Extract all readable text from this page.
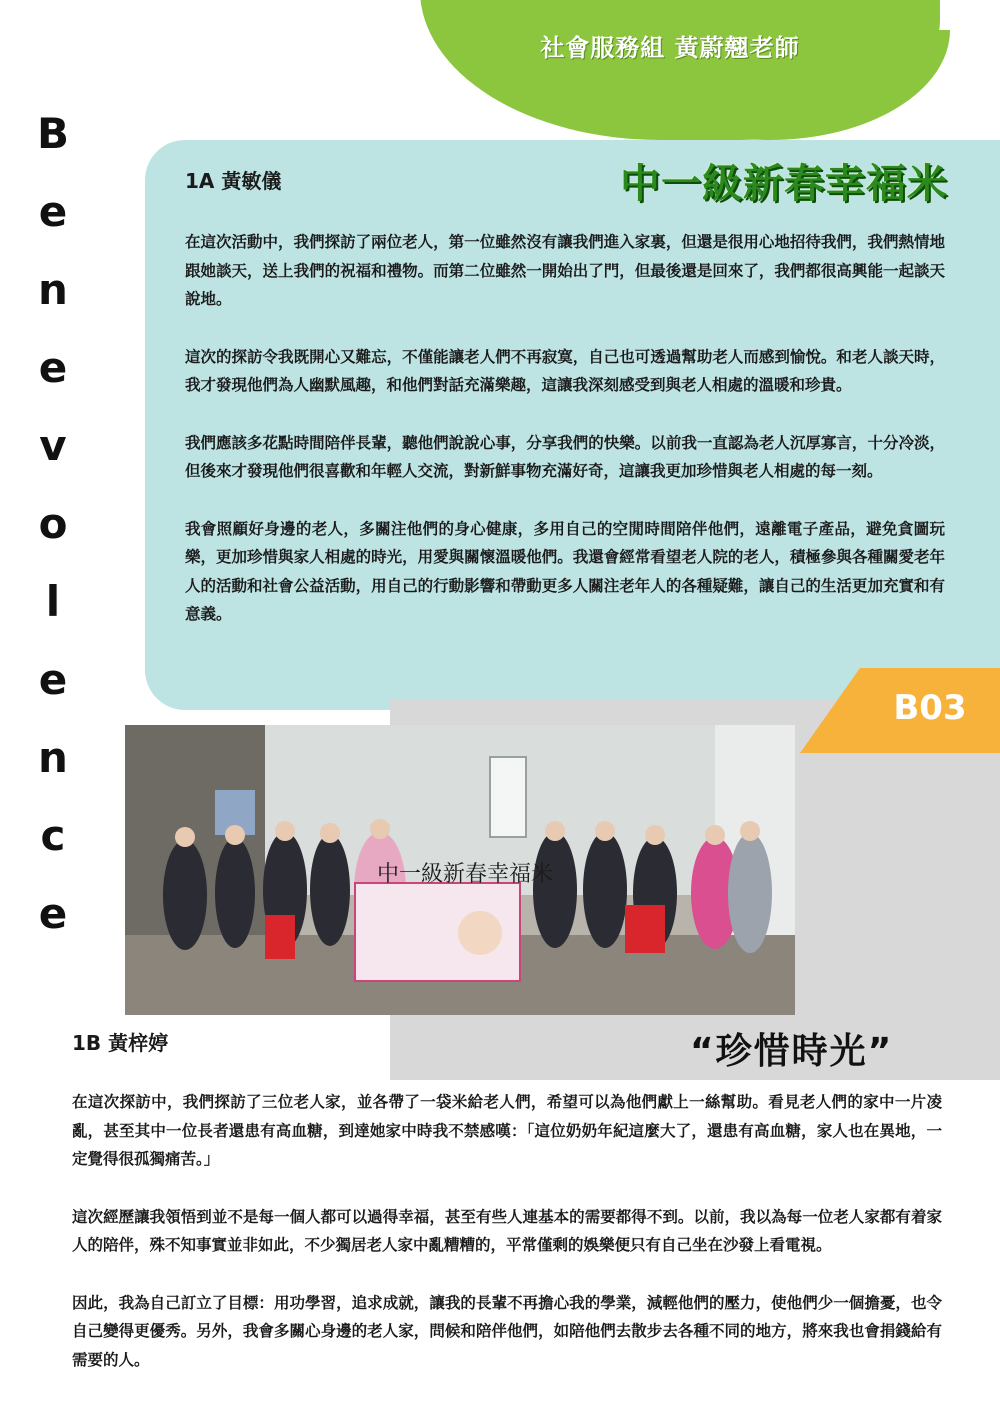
社會服務組 黃蔚翹老師
B
e
n
e
v
o
l
e
n
c
e
1A 黃敏儀	中一級新春幸福米

在這次活動中，我們探訪了兩位老人，第一位雖然沒有讓我們進入家裏，但還是很用心地招待我們，我們熱情地跟她談天，送上我們的祝福和禮物。而第二位雖然一開始出了門，但最後還是回來了，我們都很高興能一起談天說地。

這次的探訪令我既開心又難忘，不僅能讓老人們不再寂寞，自己也可透過幫助老人而感到愉悅。和老人談天時，我才發現他們為人幽默風趣，和他們對話充滿樂趣，這讓我深刻感受到與老人相處的溫暖和珍貴。

我們應該多花點時間陪伴長輩，聽他們說說心事，分享我們的快樂。以前我一直認為老人沉厚寡言，十分冷淡，但後來才發現他們很喜歡和年輕人交流，對新鮮事物充滿好奇，這讓我更加珍惜與老人相處的每一刻。

我會照顧好身邊的老人，多關注他們的身心健康，多用自己的空閒時間陪伴他們，遠離電子產品，避免貪圖玩樂，更加珍惜與家人相處的時光，用愛與關懷溫暖他們。我還會經常看望老人院的老人，積極參與各種關愛老年人的活動和社會公益活動，用自己的行動影響和帶動更多人關注老年人的各種疑難，讓自己的生活更加充實和有意義。

B03
中一級新春幸福米
1B 黃梓婷	“珍惜時光”

在這次探訪中，我們探訪了三位老人家，並各帶了一袋米給老人們，希望可以為他們獻上一絲幫助。看見老人們的家中一片凌亂，甚至其中一位長者還患有高血糖，到達她家中時我不禁感嘆：「這位奶奶年紀這麼大了，還患有高血糖，家人也在異地，一定覺得很孤獨痛苦。」

這次經歷讓我領悟到並不是每一個人都可以過得幸福，甚至有些人連基本的需要都得不到。以前，我以為每一位老人家都有着家人的陪伴，殊不知事實並非如此，不少獨居老人家中亂糟糟的，平常僅剩的娛樂便只有自己坐在沙發上看電視。

因此，我為自己訂立了目標：用功學習，追求成就，讓我的長輩不再擔心我的學業，減輕他們的壓力，使他們少一個擔憂，也令自己變得更優秀。另外，我會多關心身邊的老人家，問候和陪伴他們，如陪他們去散步去各種不同的地方，將來我也會捐錢給有需要的人。
